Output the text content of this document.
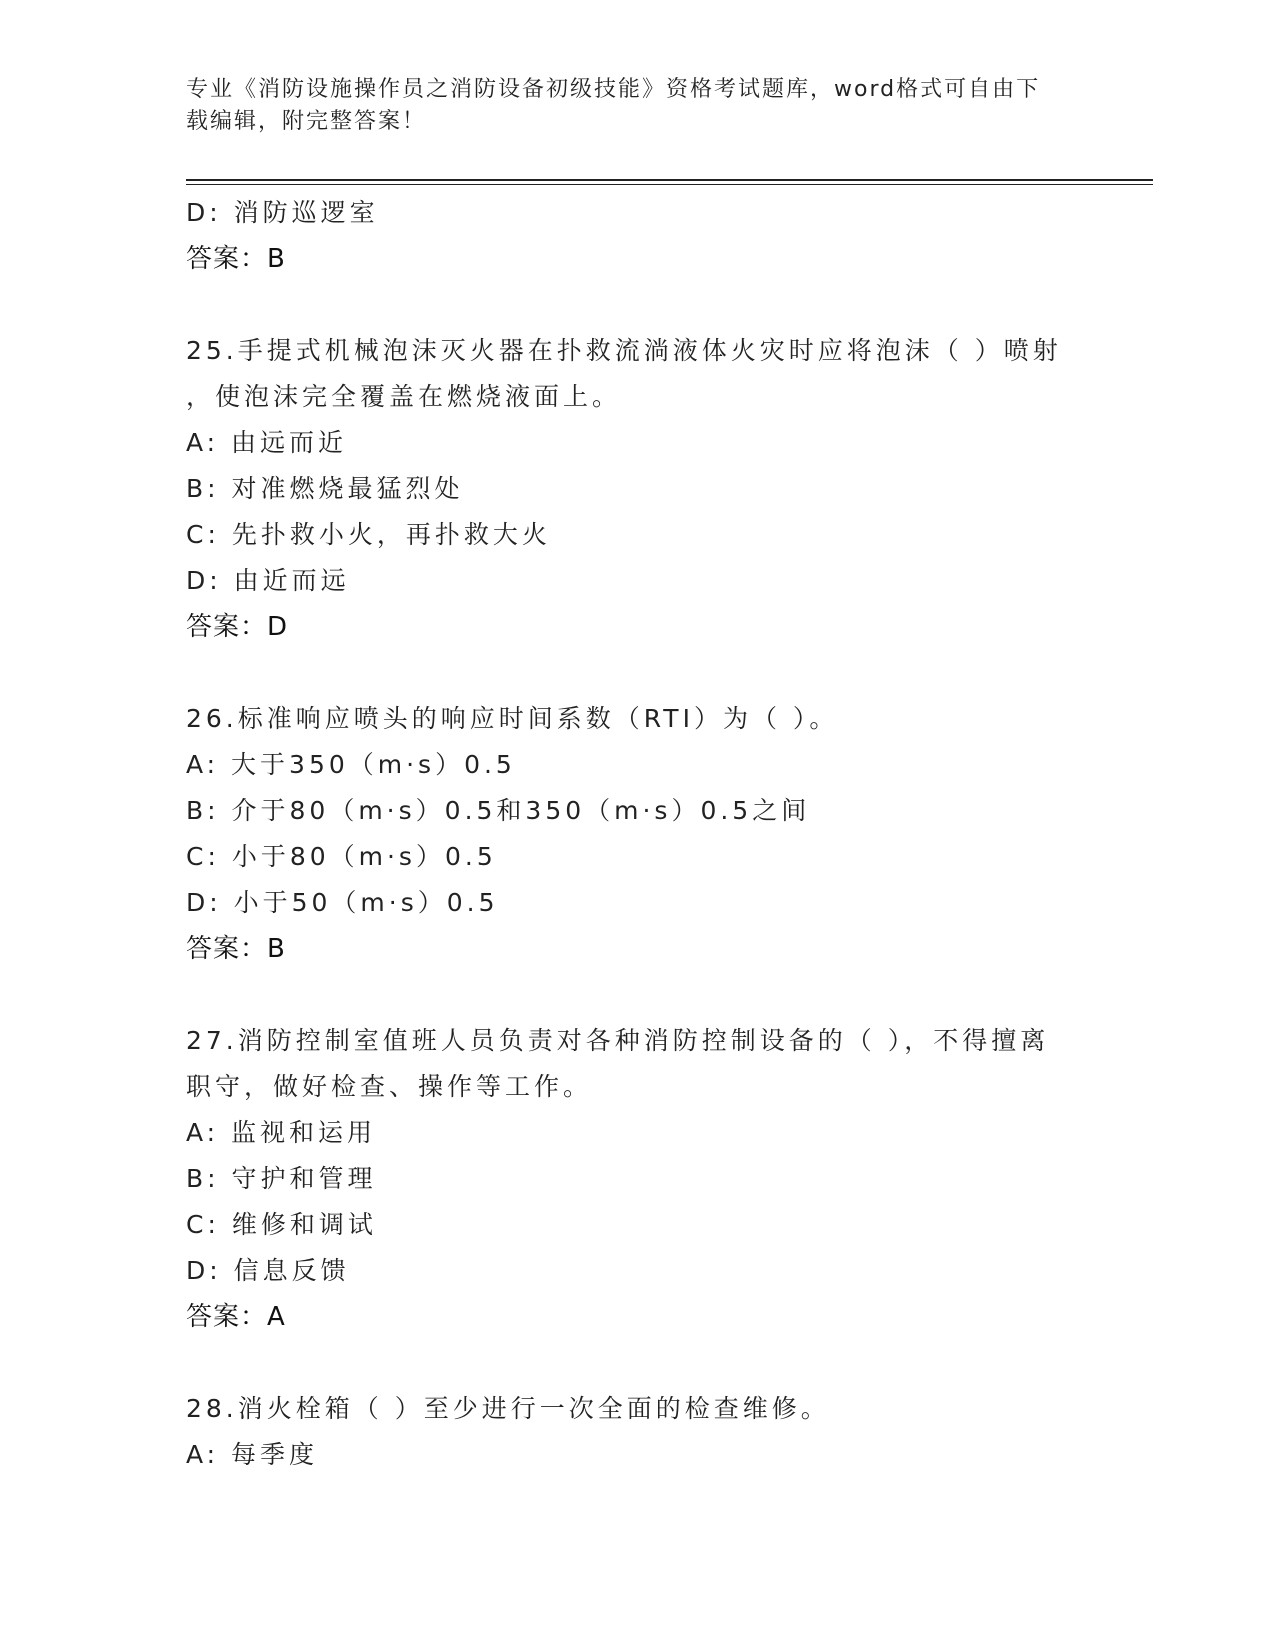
专业《消防设施操作员之消防设备初级技能》资格考试题库，word格式可自由下
载编辑，附完整答案！
D: 消防巡逻室
答案：B
25.手提式机械泡沫灭火器在扑救流淌液体火灾时应将泡沫（ ）喷射
，使泡沫完全覆盖在燃烧液面上。
A: 由远而近
B: 对准燃烧最猛烈处
C: 先扑救小火，再扑救大火
D: 由近而远
答案：D
26.标准响应喷头的响应时间系数（RTI）为（ ）。
A: 大于350（m·s）0.5
B: 介于80（m·s）0.5和350（m·s）0.5之间
C: 小于80（m·s）0.5
D: 小于50（m·s）0.5
答案：B
27.消防控制室值班人员负责对各种消防控制设备的（ ），不得擅离
职守，做好检查、操作等工作。
A: 监视和运用
B: 守护和管理
C: 维修和调试
D: 信息反馈
答案：A
28.消火栓箱（ ）至少进行一次全面的检查维修。
A: 每季度
